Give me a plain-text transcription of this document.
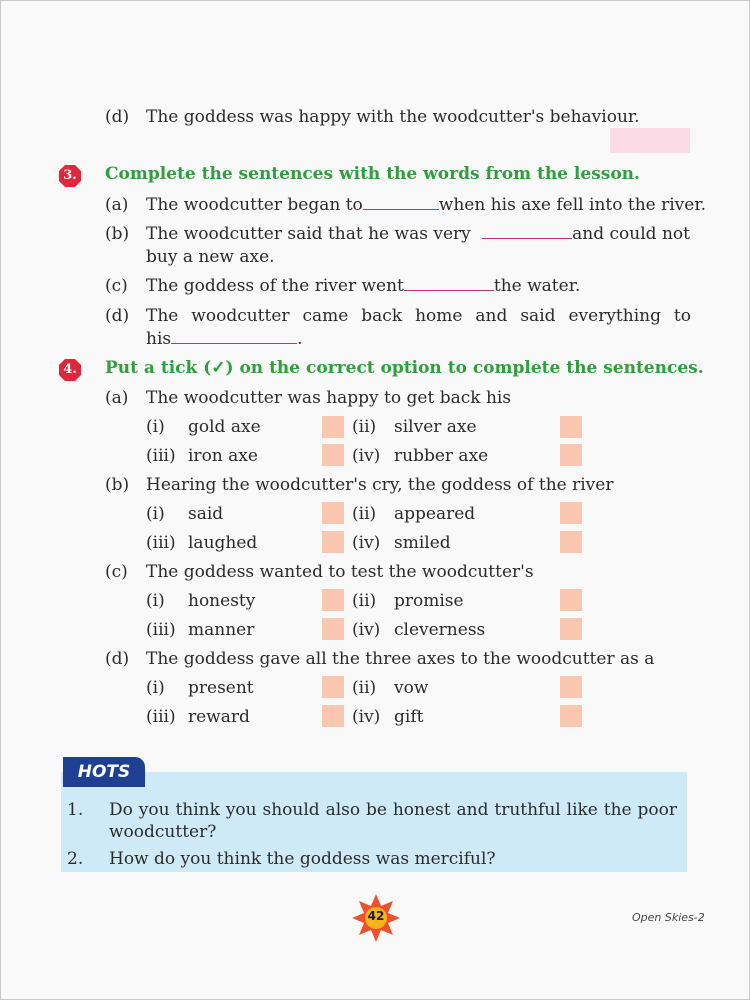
(d) The goddess was happy with the woodcutter's behaviour.
3.	Complete the sentences with the words from the lesson.
(a) The woodcutter began to	when his axe fell into the river.
(b) The woodcutter said that he was very	and could not
buy a new axe.
(c) The goddess of the river went	the water.
(d) The woodcutter came back home and said everything to
his	.
4.	Put a tick (✓) on the correct option to complete the sentences.
(a) The woodcutter was happy to get back his
(i) gold axe	(ii) silver axe
(iii) iron axe	(iv) rubber axe
(b) Hearing the woodcutter's cry, the goddess of the river
(i) said	(ii) appeared
(iii) laughed	(iv) smiled
(c) The goddess wanted to test the woodcutter's
(i) honesty	(ii) promise
(iii) manner	(iv) cleverness
(d) The goddess gave all the three axes to the woodcutter as a
(i) present	(ii) vow
(iii) reward	(iv) gift
HOTS
1. Do you think you should also be honest and truthful like the poor
woodcutter?
2. How do you think the goddess was merciful?
42	Open Skies-2
